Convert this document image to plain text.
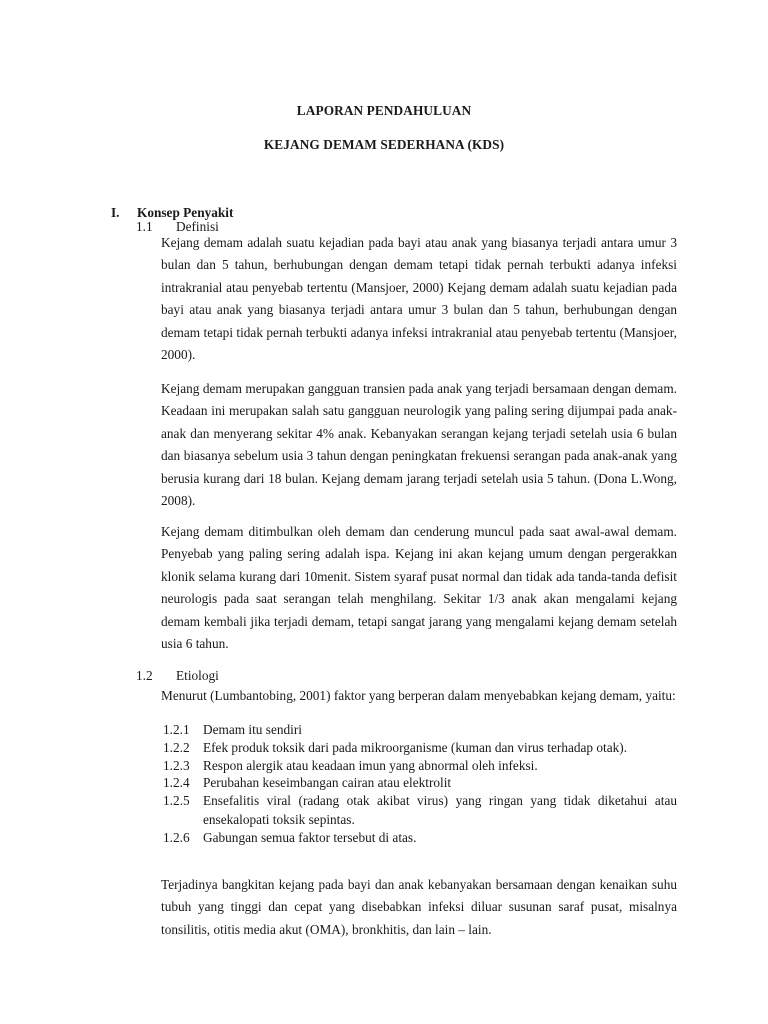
LAPORAN PENDAHULUAN
KEJANG DEMAM SEDERHANA (KDS)
I. Konsep Penyakit
1.1 Definisi

Kejang demam adalah suatu kejadian pada bayi atau anak yang biasanya terjadi antara umur 3 bulan dan 5 tahun, berhubungan dengan demam tetapi tidak pernah terbukti adanya infeksi intrakranial atau penyebab tertentu (Mansjoer, 2000) Kejang demam adalah suatu kejadian pada bayi atau anak yang biasanya terjadi antara umur 3 bulan dan 5 tahun, berhubungan dengan demam tetapi tidak pernah terbukti adanya infeksi intrakranial atau penyebab tertentu (Mansjoer, 2000).

Kejang demam merupakan gangguan transien pada anak yang terjadi bersamaan dengan demam. Keadaan ini merupakan salah satu gangguan neurologik yang paling sering dijumpai pada anak-anak dan menyerang sekitar 4% anak. Kebanyakan serangan kejang terjadi setelah usia 6 bulan dan biasanya sebelum usia 3 tahun dengan peningkatan frekuensi serangan pada anak-anak yang berusia kurang dari 18 bulan. Kejang demam jarang terjadi setelah usia 5 tahun. (Dona L.Wong, 2008).

Kejang demam ditimbulkan oleh demam dan cenderung muncul pada saat awal-awal demam. Penyebab yang paling sering adalah ispa. Kejang ini akan kejang umum dengan pergerakkan klonik selama kurang dari 10menit. Sistem syaraf pusat normal dan tidak ada tanda-tanda defisit neurologis pada saat serangan telah menghilang. Sekitar 1/3 anak akan mengalami kejang demam kembali jika terjadi demam, tetapi sangat jarang yang mengalami kejang demam setelah usia 6 tahun.

1.2 Etiologi

Menurut (Lumbantobing, 2001) faktor yang berperan dalam menyebabkan kejang demam, yaitu:

1.2.1 Demam itu sendiri
1.2.2 Efek produk toksik dari pada mikroorganisme (kuman dan virus terhadap otak).
1.2.3 Respon alergik atau keadaan imun yang abnormal oleh infeksi.
1.2.4 Perubahan keseimbangan cairan atau elektrolit
1.2.5 Ensefalitis viral (radang otak akibat virus) yang ringan yang tidak diketahui atau ensekalopati toksik sepintas.
1.2.6 Gabungan semua faktor tersebut di atas.

Terjadinya bangkitan kejang pada bayi dan anak kebanyakan bersamaan dengan kenaikan suhu tubuh yang tinggi dan cepat yang disebabkan infeksi diluar susunan saraf pusat, misalnya tonsilitis, otitis media akut (OMA), bronkhitis, dan lain – lain.
